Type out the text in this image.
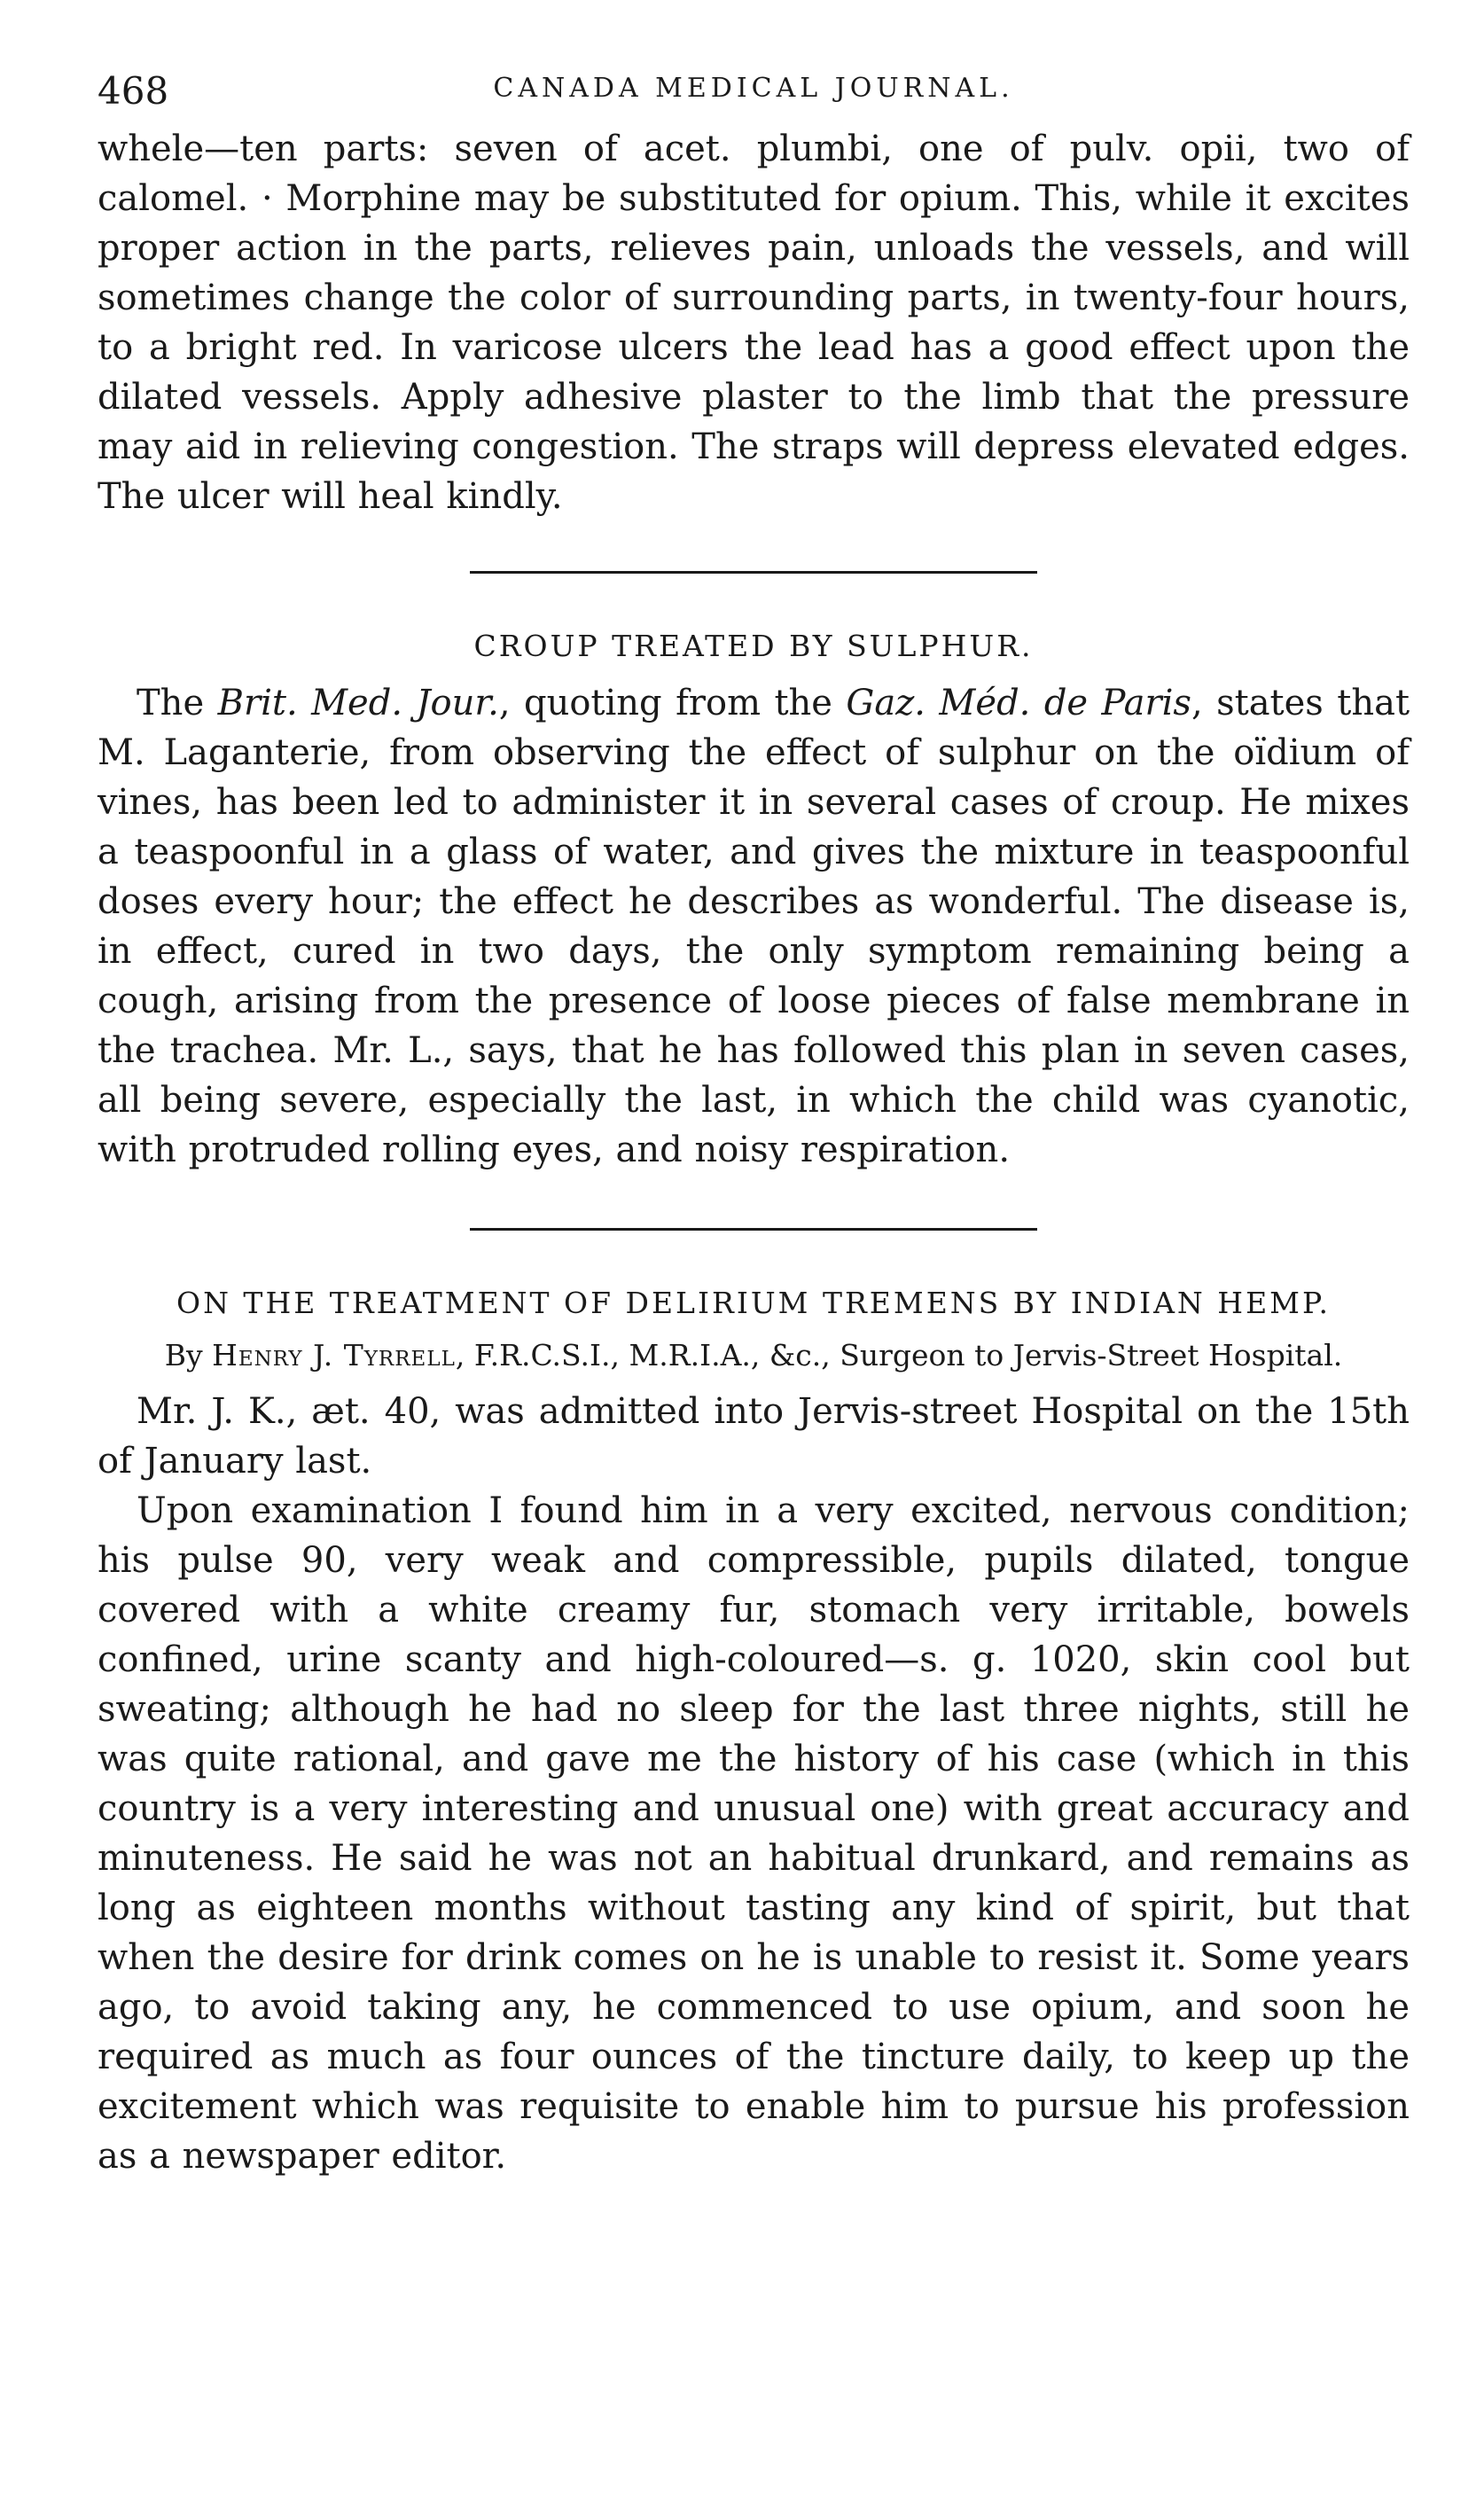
468	CANADA MEDICAL JOURNAL.

whele—ten parts: seven of acet. plumbi, one of pulv. opii, two of calomel. · Morphine may be substituted for opium. This, while it excites proper action in the parts, relieves pain, unloads the vessels, and will sometimes change the color of surrounding parts, in twenty-four hours, to a bright red. In varicose ulcers the lead has a good effect upon the dilated vessels. Apply adhesive plaster to the limb that the pressure may aid in relieving congestion. The straps will depress elevated edges. The ulcer will heal kindly.

CROUP TREATED BY SULPHUR.

The Brit. Med. Jour., quoting from the Gaz. Méd. de Paris, states that M. Laganterie, from observing the effect of sulphur on the oïdium of vines, has been led to administer it in several cases of croup. He mixes a teaspoonful in a glass of water, and gives the mixture in teaspoonful doses every hour; the effect he describes as wonderful. The disease is, in effect, cured in two days, the only symptom remaining being a cough, arising from the presence of loose pieces of false membrane in the trachea. Mr. L., says, that he has followed this plan in seven cases, all being severe, especially the last, in which the child was cyanotic, with protruded rolling eyes, and noisy respiration.

ON THE TREATMENT OF DELIRIUM TREMENS BY INDIAN HEMP.
By Henry J. Tyrrell, F.R.C.S.I., M.R.I.A., &c., Surgeon to Jervis-Street Hospital.

Mr. J. K., æt. 40, was admitted into Jervis-street Hospital on the 15th of January last.

Upon examination I found him in a very excited, nervous condition; his pulse 90, very weak and compressible, pupils dilated, tongue covered with a white creamy fur, stomach very irritable, bowels confined, urine scanty and high-coloured—s. g. 1020, skin cool but sweating; although he had no sleep for the last three nights, still he was quite rational, and gave me the history of his case (which in this country is a very interesting and unusual one) with great accuracy and minuteness. He said he was not an habitual drunkard, and remains as long as eighteen months without tasting any kind of spirit, but that when the desire for drink comes on he is unable to resist it. Some years ago, to avoid taking any, he commenced to use opium, and soon he required as much as four ounces of the tincture daily, to keep up the excitement which was requisite to enable him to pursue his profession as a newspaper editor.
